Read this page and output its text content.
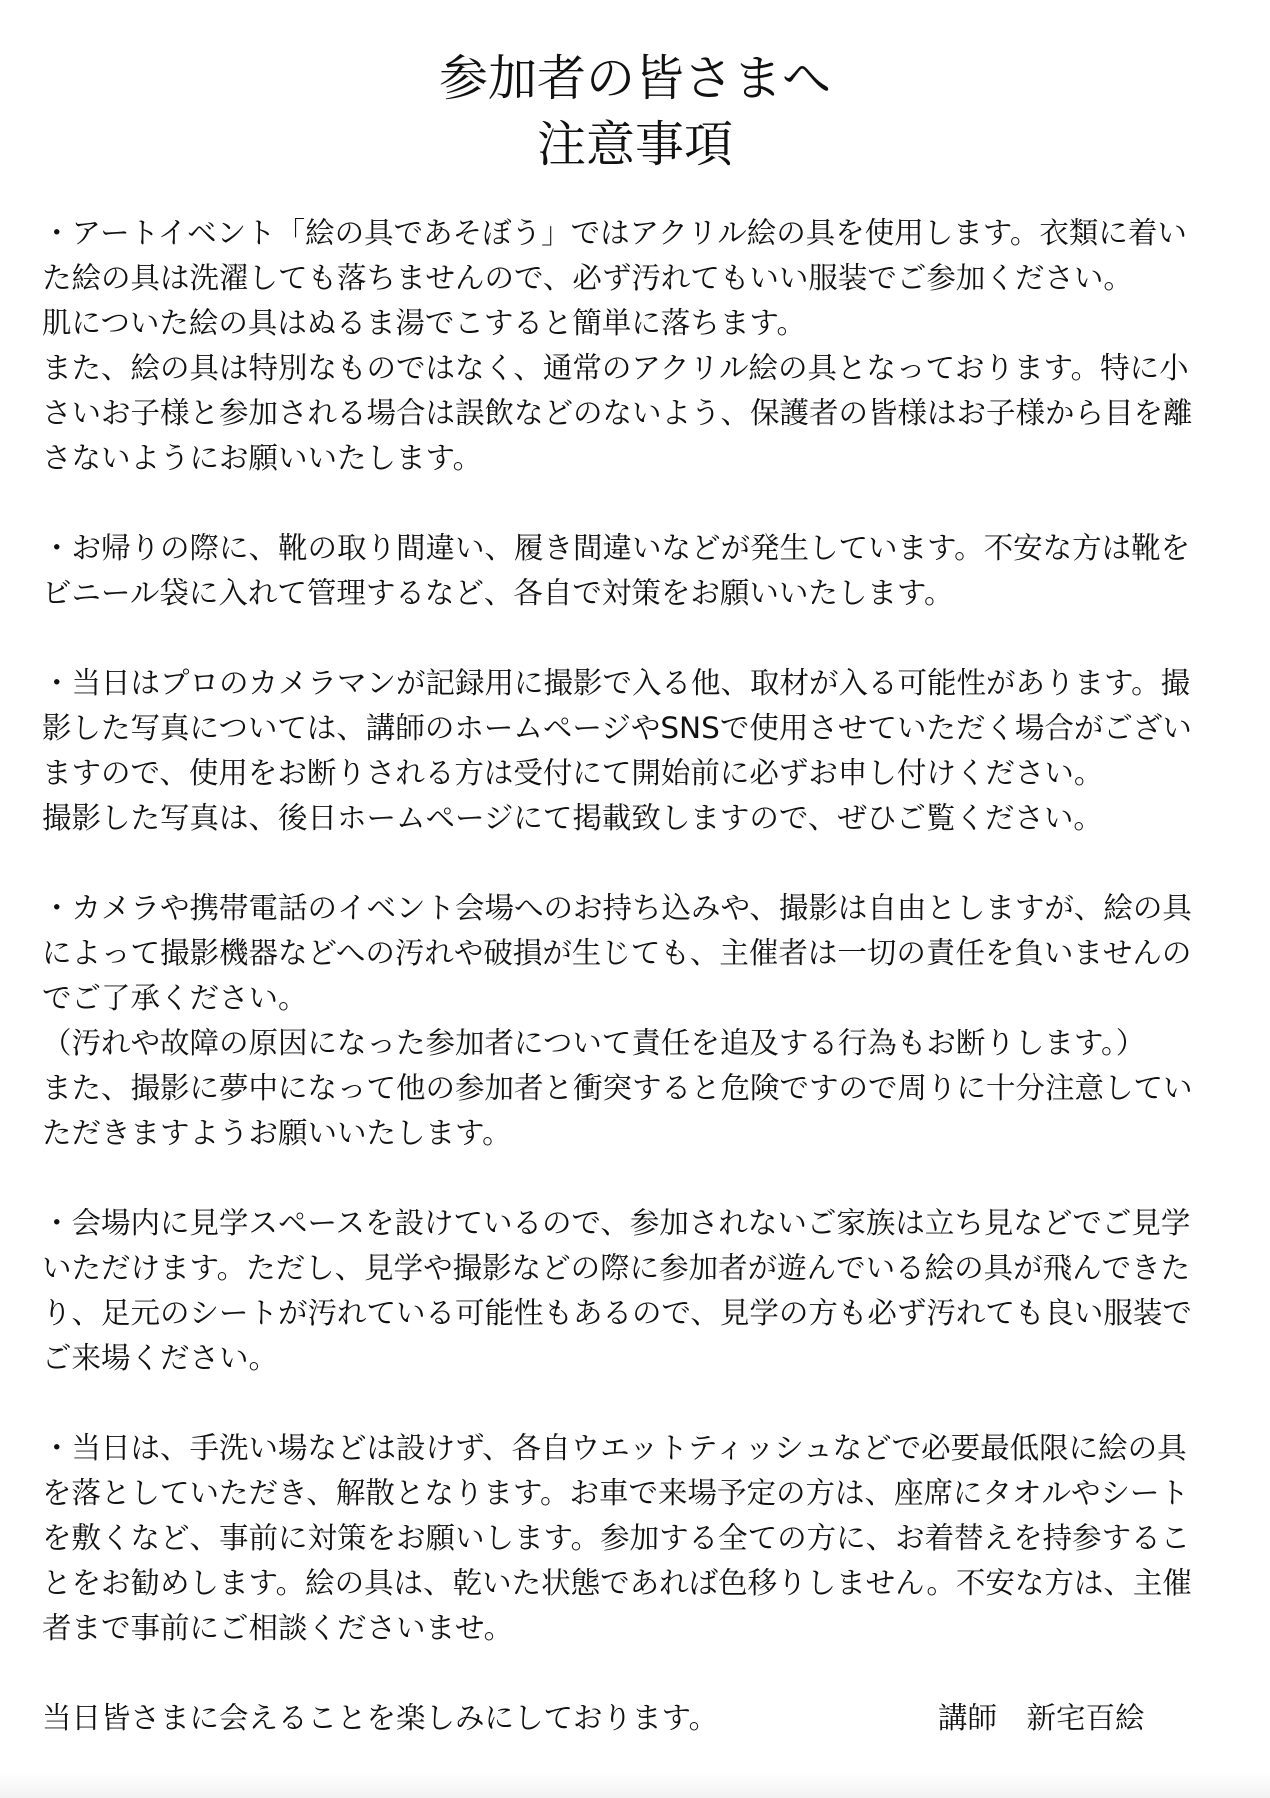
参加者の皆さまへ
注意事項
・アートイベント「絵の具であそぼう」ではアクリル絵の具を使用します。衣類に着い
た絵の具は洗濯しても落ちませんので、必ず汚れてもいい服装でご参加ください。
肌についた絵の具はぬるま湯でこすると簡単に落ちます。
また、絵の具は特別なものではなく、通常のアクリル絵の具となっております。特に小
さいお子様と参加される場合は誤飲などのないよう、保護者の皆様はお子様から目を離
さないようにお願いいたします。
・お帰りの際に、靴の取り間違い、履き間違いなどが発生しています。不安な方は靴を
ビニール袋に入れて管理するなど、各自で対策をお願いいたします。
・当日はプロのカメラマンが記録用に撮影で入る他、取材が入る可能性があります。撮
影した写真については、講師のホームページやSNSで使用させていただく場合がござい
ますので、使用をお断りされる方は受付にて開始前に必ずお申し付けください。
撮影した写真は、後日ホームページにて掲載致しますので、ぜひご覧ください。
・カメラや携帯電話のイベント会場へのお持ち込みや、撮影は自由としますが、絵の具
によって撮影機器などへの汚れや破損が生じても、主催者は一切の責任を負いませんの
でご了承ください。
（汚れや故障の原因になった参加者について責任を追及する行為もお断りします。）
また、撮影に夢中になって他の参加者と衝突すると危険ですので周りに十分注意してい
ただきますようお願いいたします。
・会場内に見学スペースを設けているので、参加されないご家族は立ち見などでご見学
いただけます。ただし、見学や撮影などの際に参加者が遊んでいる絵の具が飛んできた
り、足元のシートが汚れている可能性もあるので、見学の方も必ず汚れても良い服装で
ご来場ください。
・当日は、手洗い場などは設けず、各自ウエットティッシュなどで必要最低限に絵の具
を落としていただき、解散となります。お車で来場予定の方は、座席にタオルやシート
を敷くなど、事前に対策をお願いします。参加する全ての方に、お着替えを持参するこ
とをお勧めします。絵の具は、乾いた状態であれば色移りしません。不安な方は、主催
者まで事前にご相談くださいませ。
当日皆さまに会えることを楽しみにしております。	講師　新宅百絵
